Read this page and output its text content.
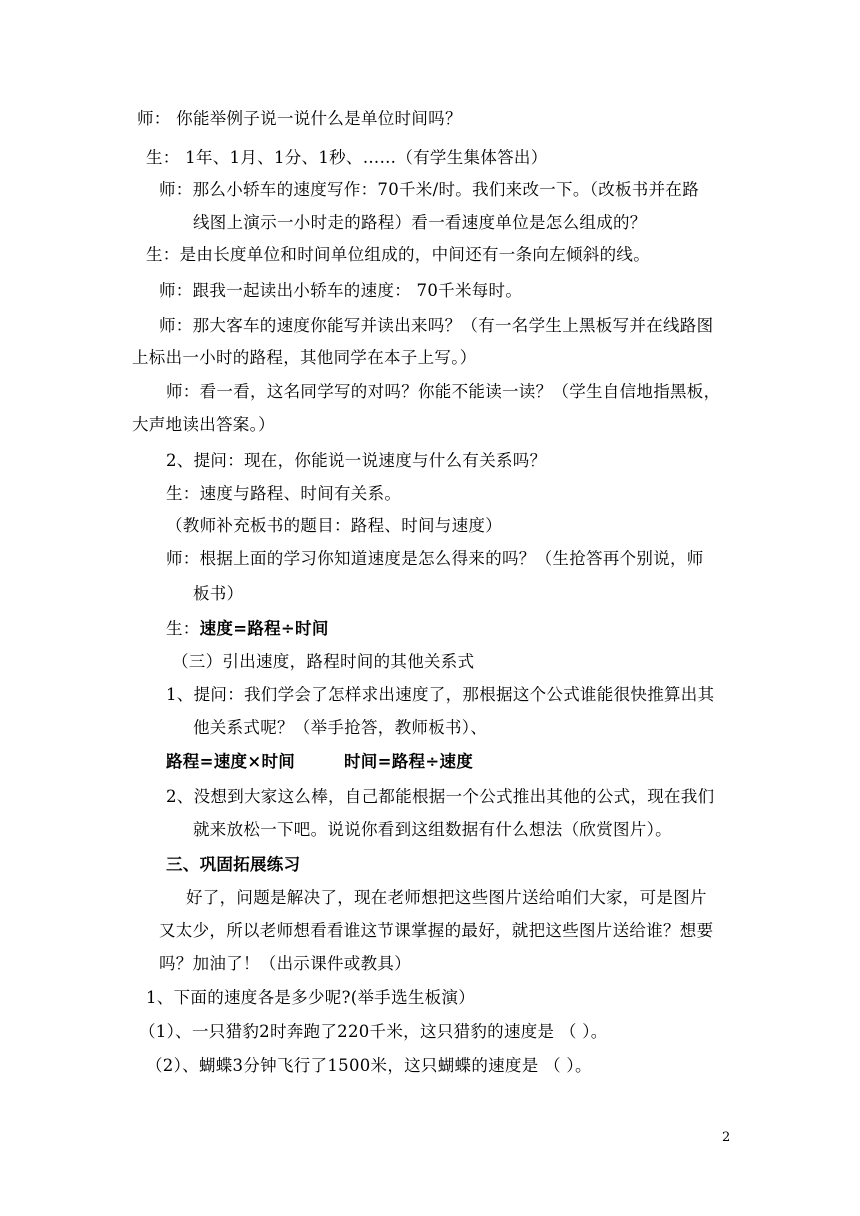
师： 你能举例子说一说什么是单位时间吗？
生： 1年、1月、1分、1秒、……（有学生集体答出）
师：那么小轿车的速度写作：70千米/时。我们来改一下。（改板书并在路
线图上演示一小时走的路程）看一看速度单位是怎么组成的？
生：是由长度单位和时间单位组成的，中间还有一条向左倾斜的线。
师：跟我一起读出小轿车的速度： 70千米每时。
师：那大客车的速度你能写并读出来吗？（有一名学生上黑板写并在线路图
上标出一小时的路程，其他同学在本子上写。）
师：看一看，这名同学写的对吗？你能不能读一读？（学生自信地指黑板，
大声地读出答案。）
2、提问：现在，你能说一说速度与什么有关系吗？
生：速度与路程、时间有关系。
（教师补充板书的题目：路程、时间与速度）
师：根据上面的学习你知道速度是怎么得来的吗？（生抢答再个别说，师
板书）
生：速度=路程÷时间
（三）引出速度，路程时间的其他关系式
1、提问：我们学会了怎样求出速度了，那根据这个公式谁能很快推算出其
他关系式呢？（举手抢答，教师板书）、
路程=速度×时间	时间=路程÷速度
2、没想到大家这么棒，自己都能根据一个公式推出其他的公式，现在我们
就来放松一下吧。说说你看到这组数据有什么想法（欣赏图片）。
三、巩固拓展练习
好了，问题是解决了，现在老师想把这些图片送给咱们大家，可是图片
又太少，所以老师想看看谁这节课掌握的最好，就把这些图片送给谁？想要
吗？加油了！（出示课件或教具）
1、下面的速度各是多少呢?(举手选生板演）
（1）、一只猎豹2时奔跑了220千米，这只猎豹的速度是 （ ）。
（2）、蝴蝶3分钟飞行了1500米，这只蝴蝶的速度是 （ ）。
2
